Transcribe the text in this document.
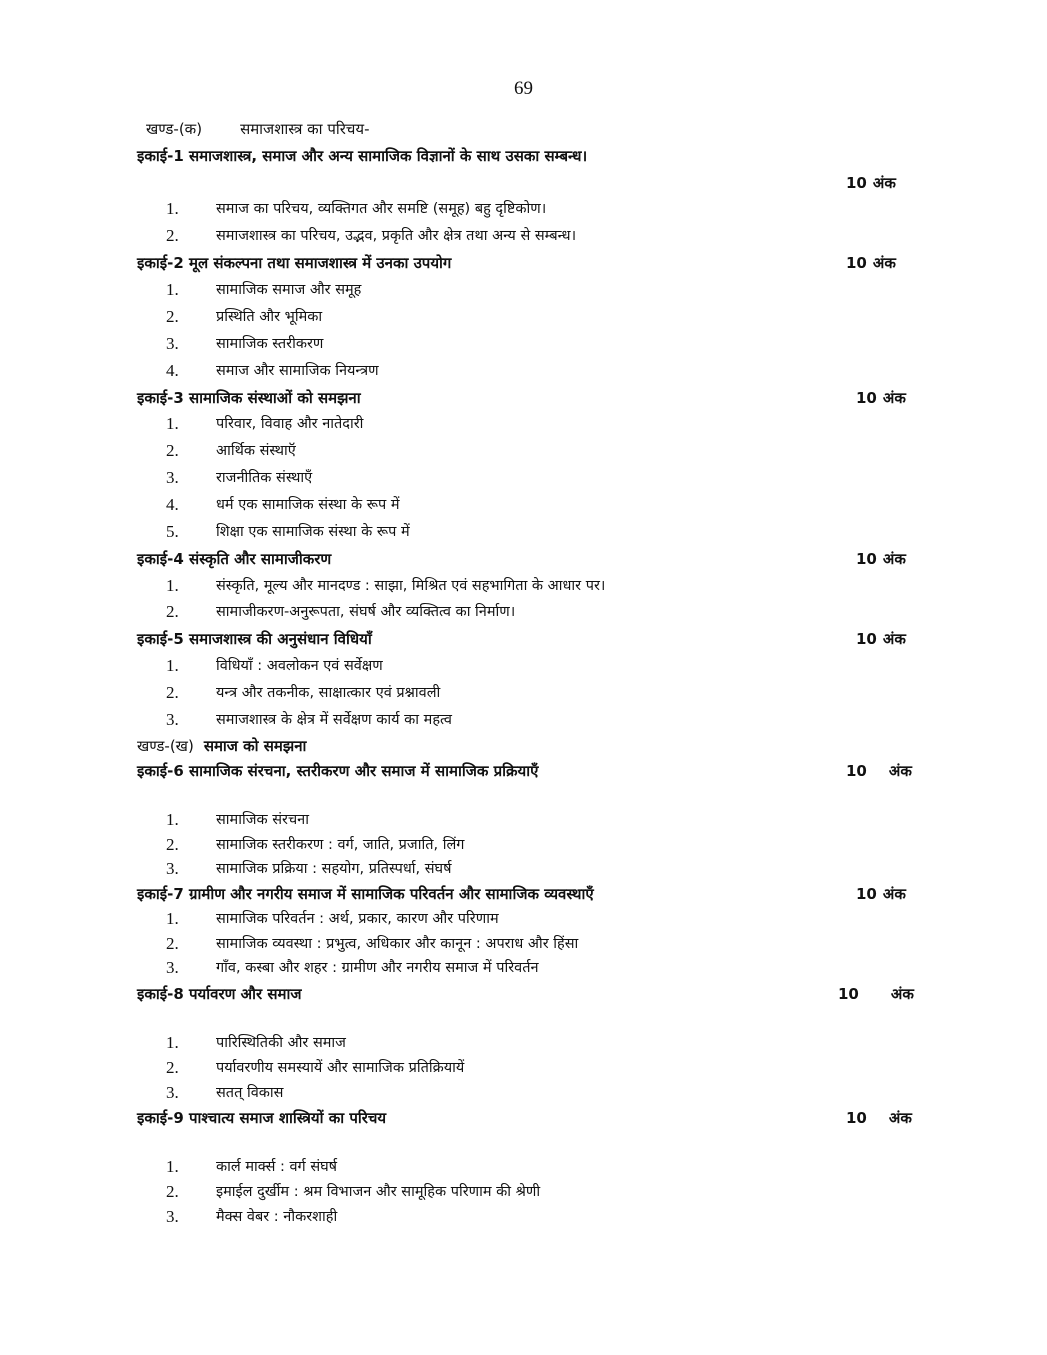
69
खण्ड-(क)	समाजशास्त्र का परिचय-
इकाई-1 समाजशास्त्र, समाज और अन्य सामाजिक विज्ञानों के साथ उसका सम्बन्ध।
10 अंक
1.	समाज का परिचय, व्यक्तिगत और समष्टि (समूह) बहु दृष्टिकोण।
2.	समाजशास्त्र का परिचय, उद्भव, प्रकृति और क्षेत्र तथा अन्य से सम्बन्ध।
इकाई-2 मूल संकल्पना तथा समाजशास्त्र में उनका उपयोग	10 अंक
1.	सामाजिक समाज और समूह
2.	प्रस्थिति और भूमिका
3.	सामाजिक स्तरीकरण
4.	समाज और सामाजिक नियन्त्रण
इकाई-3 सामाजिक संस्थाओं को समझना	10 अंक
1.	परिवार, विवाह और नातेदारी
2.	आर्थिक संस्थाऍ
3.	राजनीतिक संस्थाएँ
4.	धर्म एक सामाजिक संस्था के रूप में
5.	शिक्षा एक सामाजिक संस्था के रूप में
इकाई-4 संस्कृति और सामाजीकरण	10 अंक
1.	संस्कृति, मूल्य और मानदण्ड : साझा, मिश्रित एवं सहभागिता के आधार पर।
2.	सामाजीकरण-अनुरूपता, संघर्ष और व्यक्तित्व का निर्माण।
इकाई-5 समाजशास्त्र की अनुसंधान विधियाँ	10 अंक
1.	विधियाँ : अवलोकन एवं सर्वेक्षण
2.	यन्त्र और तकनीक, साक्षात्कार एवं प्रश्नावली
3.	समाजशास्त्र के क्षेत्र में सर्वेक्षण कार्य का महत्व
खण्ड-(ख) समाज को समझना
इकाई-6 सामाजिक संरचना, स्तरीकरण और समाज में सामाजिक प्रक्रियाएँ	10 अंक
1.	सामाजिक संरचना
2.	सामाजिक स्तरीकरण : वर्ग, जाति, प्रजाति, लिंग
3.	सामाजिक प्रक्रिया : सहयोग, प्रतिस्पर्धा, संघर्ष
इकाई-7 ग्रामीण और नगरीय समाज में सामाजिक परिवर्तन और सामाजिक व्यवस्थाएँ	10 अंक
1.	सामाजिक परिवर्तन : अर्थ, प्रकार, कारण और परिणाम
2.	सामाजिक व्यवस्था : प्रभुत्व, अधिकार और कानून : अपराध और हिंसा
3.	गाँव, कस्बा और शहर : ग्रामीण और नगरीय समाज में परिवर्तन
इकाई-8 पर्यावरण और समाज	10 अंक
1.	पारिस्थितिकी और समाज
2.	पर्यावरणीय समस्यायें और सामाजिक प्रतिक्रियायें
3.	सतत् विकास
इकाई-9 पाश्चात्य समाज शास्त्रियों का परिचय	10 अंक
1.	कार्ल मार्क्स : वर्ग संघर्ष
2.	इमाईल दुर्खीम : श्रम विभाजन और सामूहिक परिणाम की श्रेणी
3.	मैक्स वेबर : नौकरशाही
